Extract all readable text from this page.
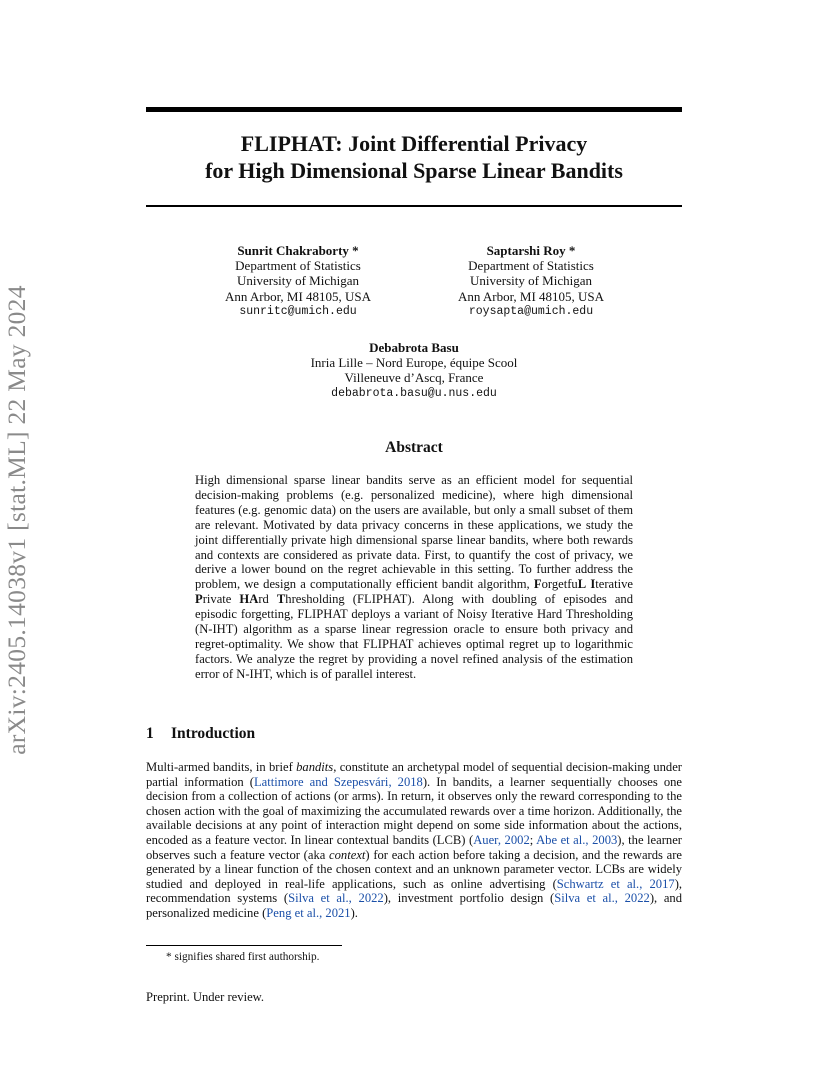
arXiv:2405.14038v1 [stat.ML] 22 May 2024
FLIPHAT: Joint Differential Privacy
for High Dimensional Sparse Linear Bandits
Sunrit Chakraborty *
Department of Statistics
University of Michigan
Ann Arbor, MI 48105, USA
sunritc@umich.edu
Saptarshi Roy *
Department of Statistics
University of Michigan
Ann Arbor, MI 48105, USA
roysapta@umich.edu
Debabrota Basu
Inria Lille – Nord Europe, équipe Scool
Villeneuve d’Ascq, France
debabrota.basu@u.nus.edu
Abstract

High dimensional sparse linear bandits serve as an efficient model for sequential decision-making problems (e.g. personalized medicine), where high dimensional features (e.g. genomic data) on the users are available, but only a small subset of them are relevant. Motivated by data privacy concerns in these applications, we study the joint differentially private high dimensional sparse linear bandits, where both rewards and contexts are considered as private data. First, to quantify the cost of privacy, we derive a lower bound on the regret achievable in this setting. To further address the problem, we design a computationally efficient bandit algorithm, ForgetfuL Iterative Private HArd Thresholding (FLIPHAT). Along with doubling of episodes and episodic forgetting, FLIPHAT deploys a variant of Noisy Iterative Hard Thresholding (N-IHT) algorithm as a sparse linear regression oracle to ensure both privacy and regret-optimality. We show that FLIPHAT achieves optimal regret up to logarithmic factors. We analyze the regret by providing a novel refined analysis of the estimation error of N-IHT, which is of parallel interest.

1 Introduction

Multi-armed bandits, in brief bandits, constitute an archetypal model of sequential decision-making under partial information (Lattimore and Szepesvári, 2018). In bandits, a learner sequentially chooses one decision from a collection of actions (or arms). In return, it observes only the reward corresponding to the chosen action with the goal of maximizing the accumulated rewards over a time horizon. Additionally, the available decisions at any point of interaction might depend on some side information about the actions, encoded as a feature vector. In linear contextual bandits (LCB) (Auer, 2002; Abe et al., 2003), the learner observes such a feature vector (aka context) for each action before taking a decision, and the rewards are generated by a linear function of the chosen context and an unknown parameter vector. LCBs are widely studied and deployed in real-life applications, such as online advertising (Schwartz et al., 2017), recommendation systems (Silva et al., 2022), investment portfolio design (Silva et al., 2022), and personalized medicine (Peng et al., 2021).

* signifies shared first authorship.
Preprint. Under review.
